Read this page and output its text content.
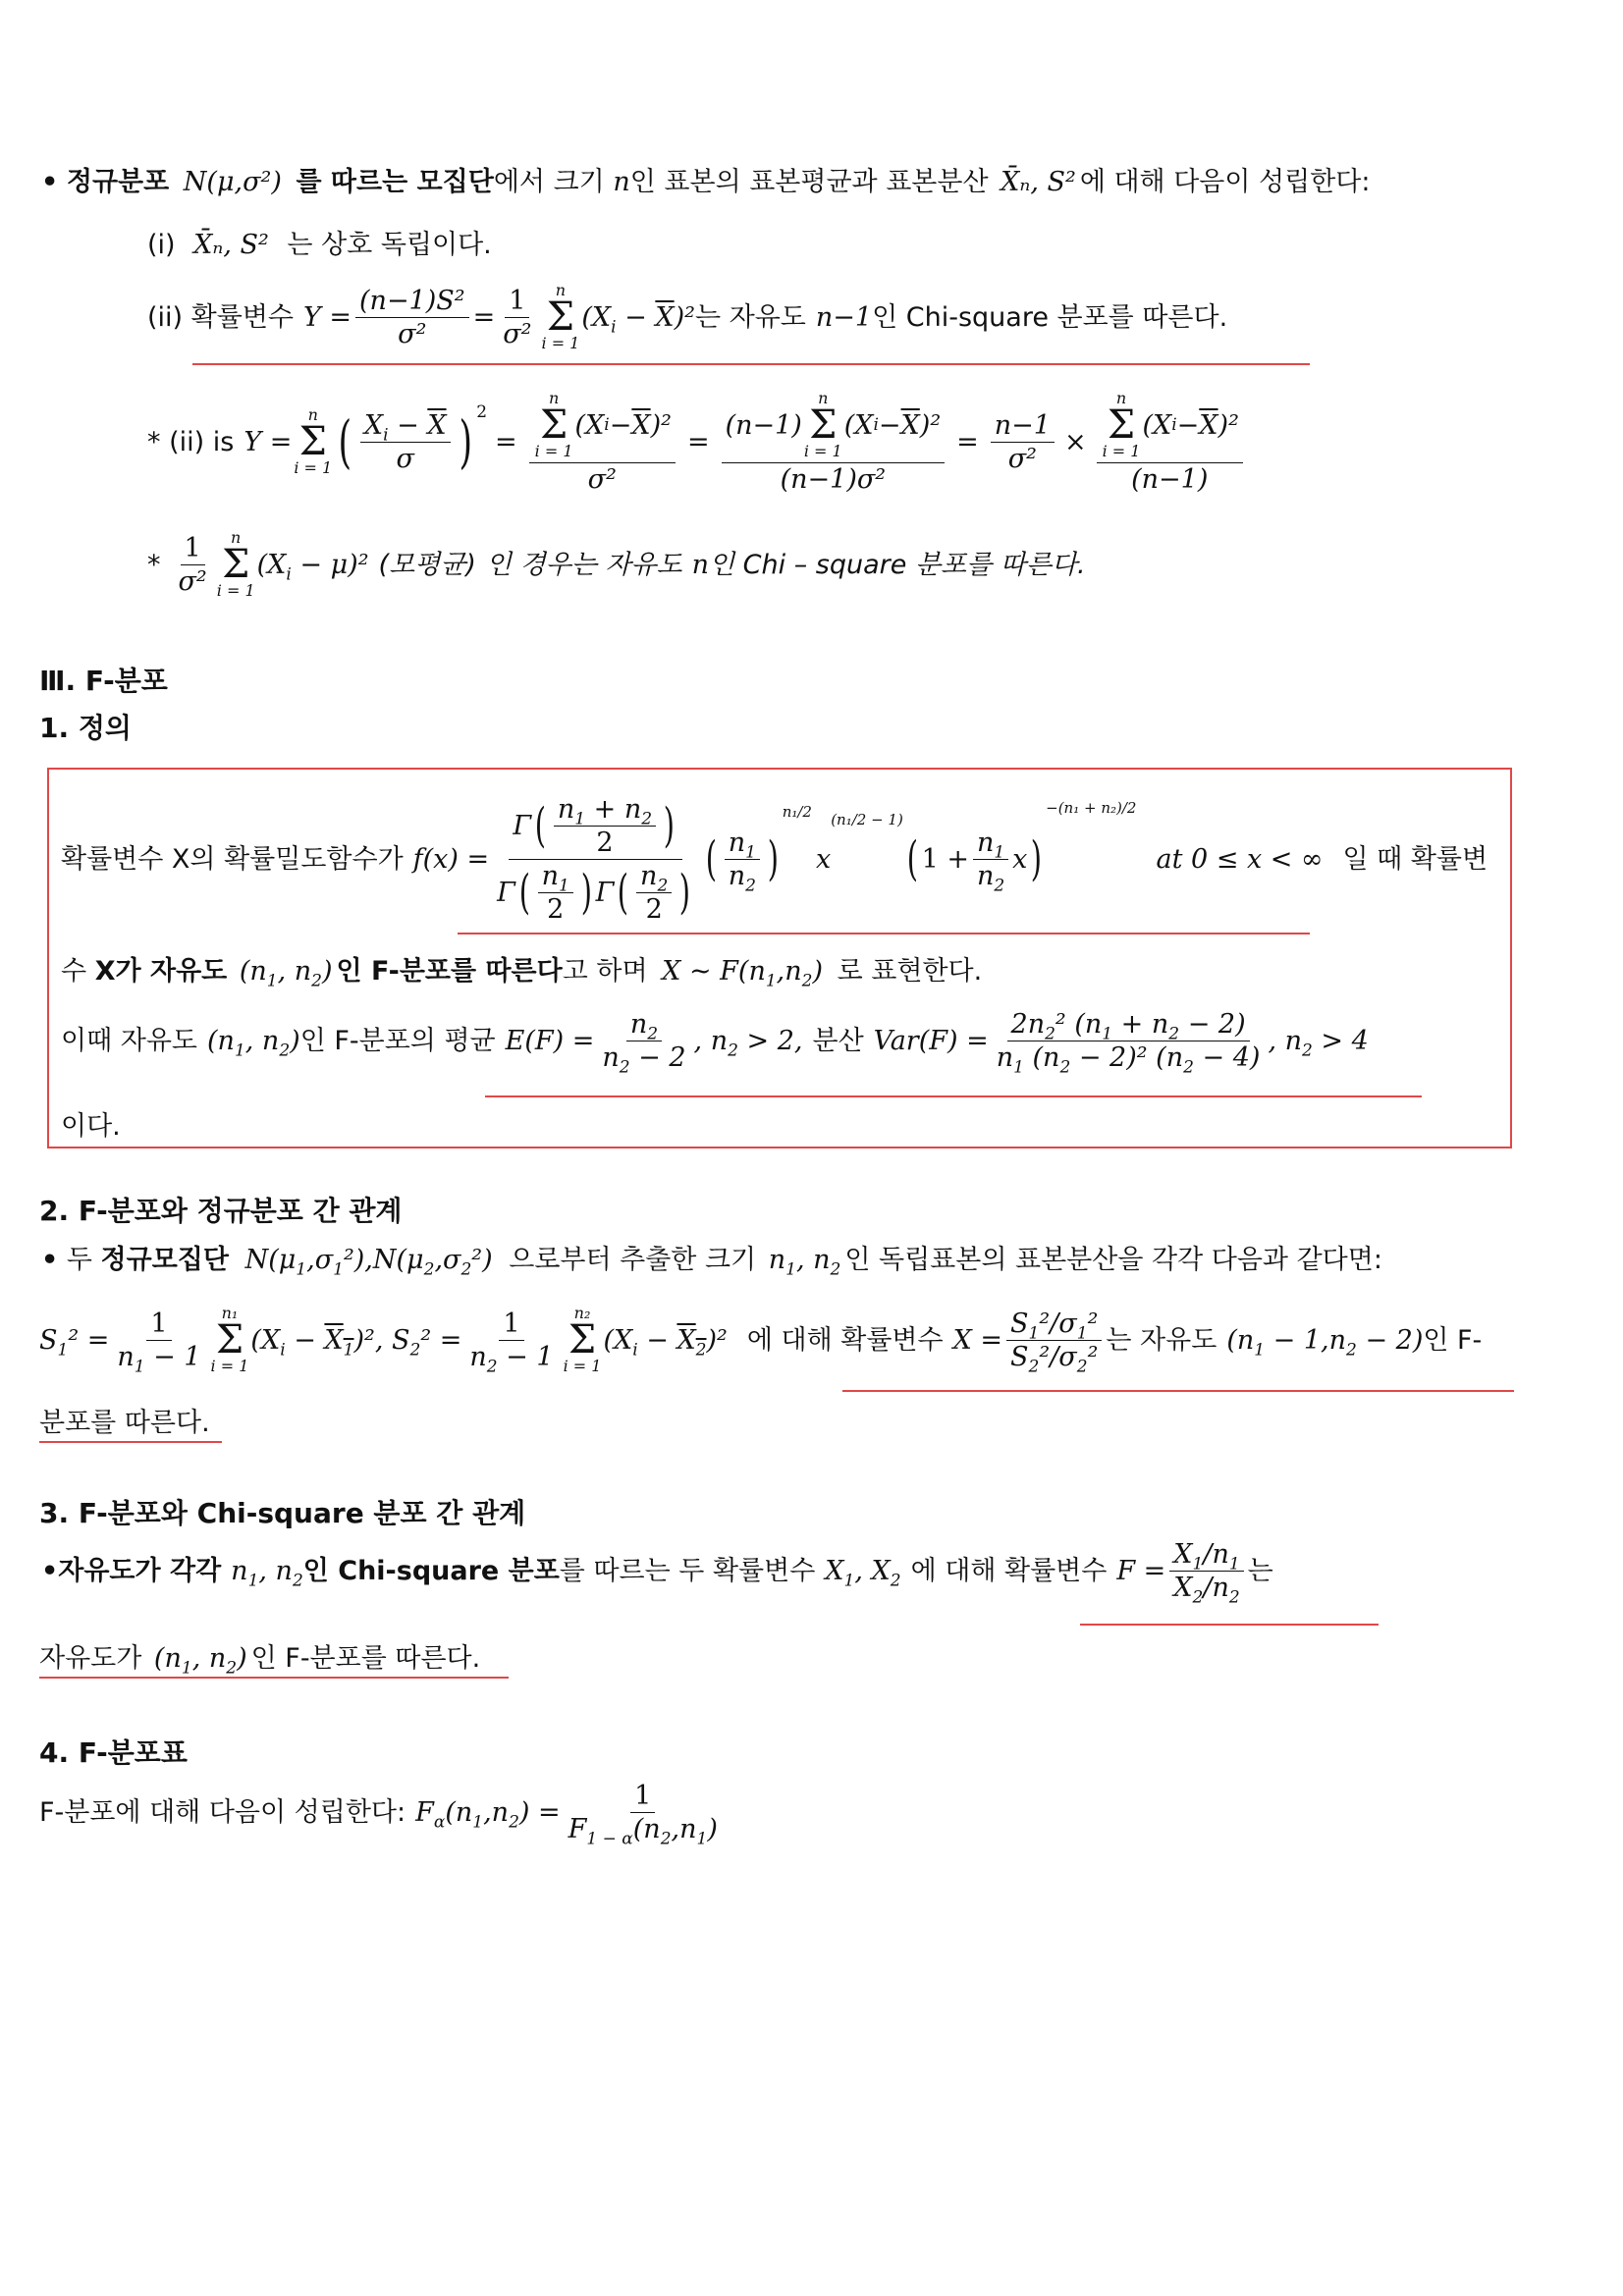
• 정규분포 N(μ,σ²) 를 따르는 모집단에서 크기 n인 표본의 표본평균과 표본분산 X̄ₙ, S² 에 대해 다음이 성립한다:
(i) X̄ₙ, S² 는 상호 독립이다.
(ii) 확률변수 $Y = \frac{\text{(n−1)S²}}{\text{σ²}} = \frac{1}{\text{σ²}}$ n
Σ
i = 1
$(X_i - \overline{X})^2$ 는 자유도 n−1 인 Chi-square 분포를 따른다.
* (ii) is Y =
n
Σ
i = 1 ( $\frac{X_i - \overline{X}}{\sigma}$ ) 2
= n
Σ
i = 1
(X $i - \overline{X}$ )²
σ² = (n−1)
n
Σ
i = 1
(X $i - \overline{X}$ )²
$(n-1)\sigma^2 = \frac{n-1}{\text{σ²}} \times n$
Σ
i = 1
(X $i - \overline{X}$ )²
(n−1)
* $\frac{1}{\text{σ²}}$ n
Σ
i = 1
$(X_i - \mu)^2$ (모평균) 인 경우는 자유도 n 인 Chi – square 분포를 따른다.
Ⅲ. F-분포
1. 정의
확률변수 X의 확률밀도함수가 $f(x) = \frac{\Gamma ( \frac{n_1 + n_2}{2} )}{\Gamma ( \frac{n_1}{2} ) \Gamma ( \frac{n_2}{2} )}$ ( $\frac{n_1}{n_2}$ )
n₁/2
x
(n₁/2 − 1)
( $1 + \frac{n_1}{n_2}$ x )
−(n₁ + n₂)/2
at 0 ≤ x < ∞ 일 때 확률변
수 X가 자유도 ($n_1$, $n_2$) 인 F-분포를 따른다고 하며 X ~ $F(n_1,n_2)$ 로 표현한다.
이때 자유도 ($n_1$, $n_2$) 인 F-분포의 평균 $E(F) = \frac{n_2}{n_2 - 2}$ , $n_2 > 2$, 분산 $Var(F) = \frac{2n_2^2 (n_1 + n_2 - 2)}{n_1 (n_2 - 2)^2 (n_2 - 4)}$ , $n_2 > 4$
이다.
2. F-분포와 정규분포 간 관계
• 두 정규모집단 $N(\mu_1,\sigma_1^2),N(\mu_2,\sigma_2^2)$ 으로부터 추출한 크기 $n_1$, $n_2$ 인 독립표본의 표본분산을 각각 다음과 같다면:
$S_1^2 = \frac{1}{n_1 - 1} n_1$
Σ
i = 1
$(X_i - X_1)^2$, $S_2^2 = \frac{1}{n_2 - 1} n_2$
Σ
i = 1
$(X_i - X_2)^2$ 에 대해 확률변수 $X = \frac{S_1^2/\sigma_1^2}{S_2^2/\sigma_2^2}$ 는 자유도 $(n_1 - 1,n_2 - 2)$ 인 F-
분포를 따른다.
3. F-분포와 Chi-square 분포 간 관계
• 자유도가 각각 $n_1$, $n_2$ 인 Chi-square 분포 를 따르는 두 확률변수 $X_1$, $X_2$ 에 대해 확률변수 $F = \frac{X_1/n_1}{X_2/n_2}$ 는
자유도가 ($n_1$, $n_2$) 인 F-분포를 따른다.
4. F-분포표
F-분포에 대해 다음이 성립한다: $F_\alpha(n_1,n_2) = \frac{1}{F_{1 - \alpha}(n_2,n_1)}$
